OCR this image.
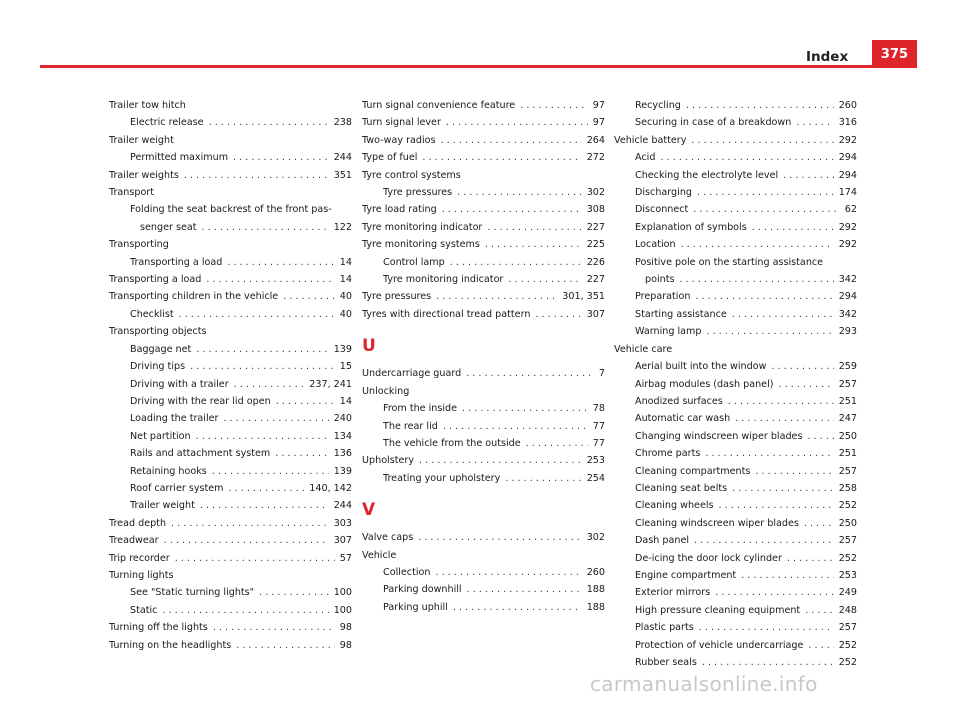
Index	375
Trailer tow hitch
Electric release . . .	238
Trailer weight
Permitted maximum . . .	244
Trailer weights . . .	351
Transport
Folding the seat backrest of the front pas-
senger seat . . .	122
Transporting
Transporting a load . . .	14
Transporting a load . . .	14
Transporting children in the vehicle . . .	40
Checklist . . .	40
Transporting objects
Baggage net . . .	139
Driving tips . . .	15
Driving with a trailer . . .	237, 241
Driving with the rear lid open . . .	14
Loading the trailer . . .	240
Net partition . . .	134
Rails and attachment system . . .	136
Retaining hooks . . .	139
Roof carrier system . . .	140, 142
Trailer weight . . .	244
Tread depth . . .	303
Treadwear . . .	307
Trip recorder . . .	57
Turning lights
See "Static turning lights" . . .	100
Static . . .	100
Turning off the lights . . .	98
Turning on the headlights . . .	98
Turn signal convenience feature . . .	97
Turn signal lever . . .	97
Two-way radios . . .	264
Type of fuel . . .	272
Tyre control systems
Tyre pressures . . .	302
Tyre load rating . . .	308
Tyre monitoring indicator . . .	227
Tyre monitoring systems . . .	225
Control lamp . . .	226
Tyre monitoring indicator . . .	227
Tyre pressures . . .	301, 351
Tyres with directional tread pattern . . .	307
U
Undercarriage guard . . .	7
Unlocking
From the inside . . .	78
The rear lid . . .	77
The vehicle from the outside . . .	77
Upholstery . . .	253
Treating your upholstery . . .	254
V
Valve caps . . .	302
Vehicle
Collection . . .	260
Parking downhill . . .	188
Parking uphill . . .	188
Recycling . . .	260
Securing in case of a breakdown . . .	316
Vehicle battery . . .	292
Acid . . .	294
Checking the electrolyte level . . .	294
Discharging . . .	174
Disconnect . . .	62
Explanation of symbols . . .	292
Location . . .	292
Positive pole on the starting assistance
points . . .	342
Preparation . . .	294
Starting assistance . . .	342
Warning lamp . . .	293
Vehicle care
Aerial built into the window . . .	259
Airbag modules (dash panel) . . .	257
Anodized surfaces . . .	251
Automatic car wash . . .	247
Changing windscreen wiper blades . . .	250
Chrome parts . . .	251
Cleaning compartments . . .	257
Cleaning seat belts . . .	258
Cleaning wheels . . .	252
Cleaning windscreen wiper blades . . .	250
Dash panel . . .	257
De-icing the door lock cylinder . . .	252
Engine compartment . . .	253
Exterior mirrors . . .	249
High pressure cleaning equipment . . .	248
Plastic parts . . .	257
Protection of vehicle undercarriage . . .	252
Rubber seals . . .	252
carmanualsonline.info
